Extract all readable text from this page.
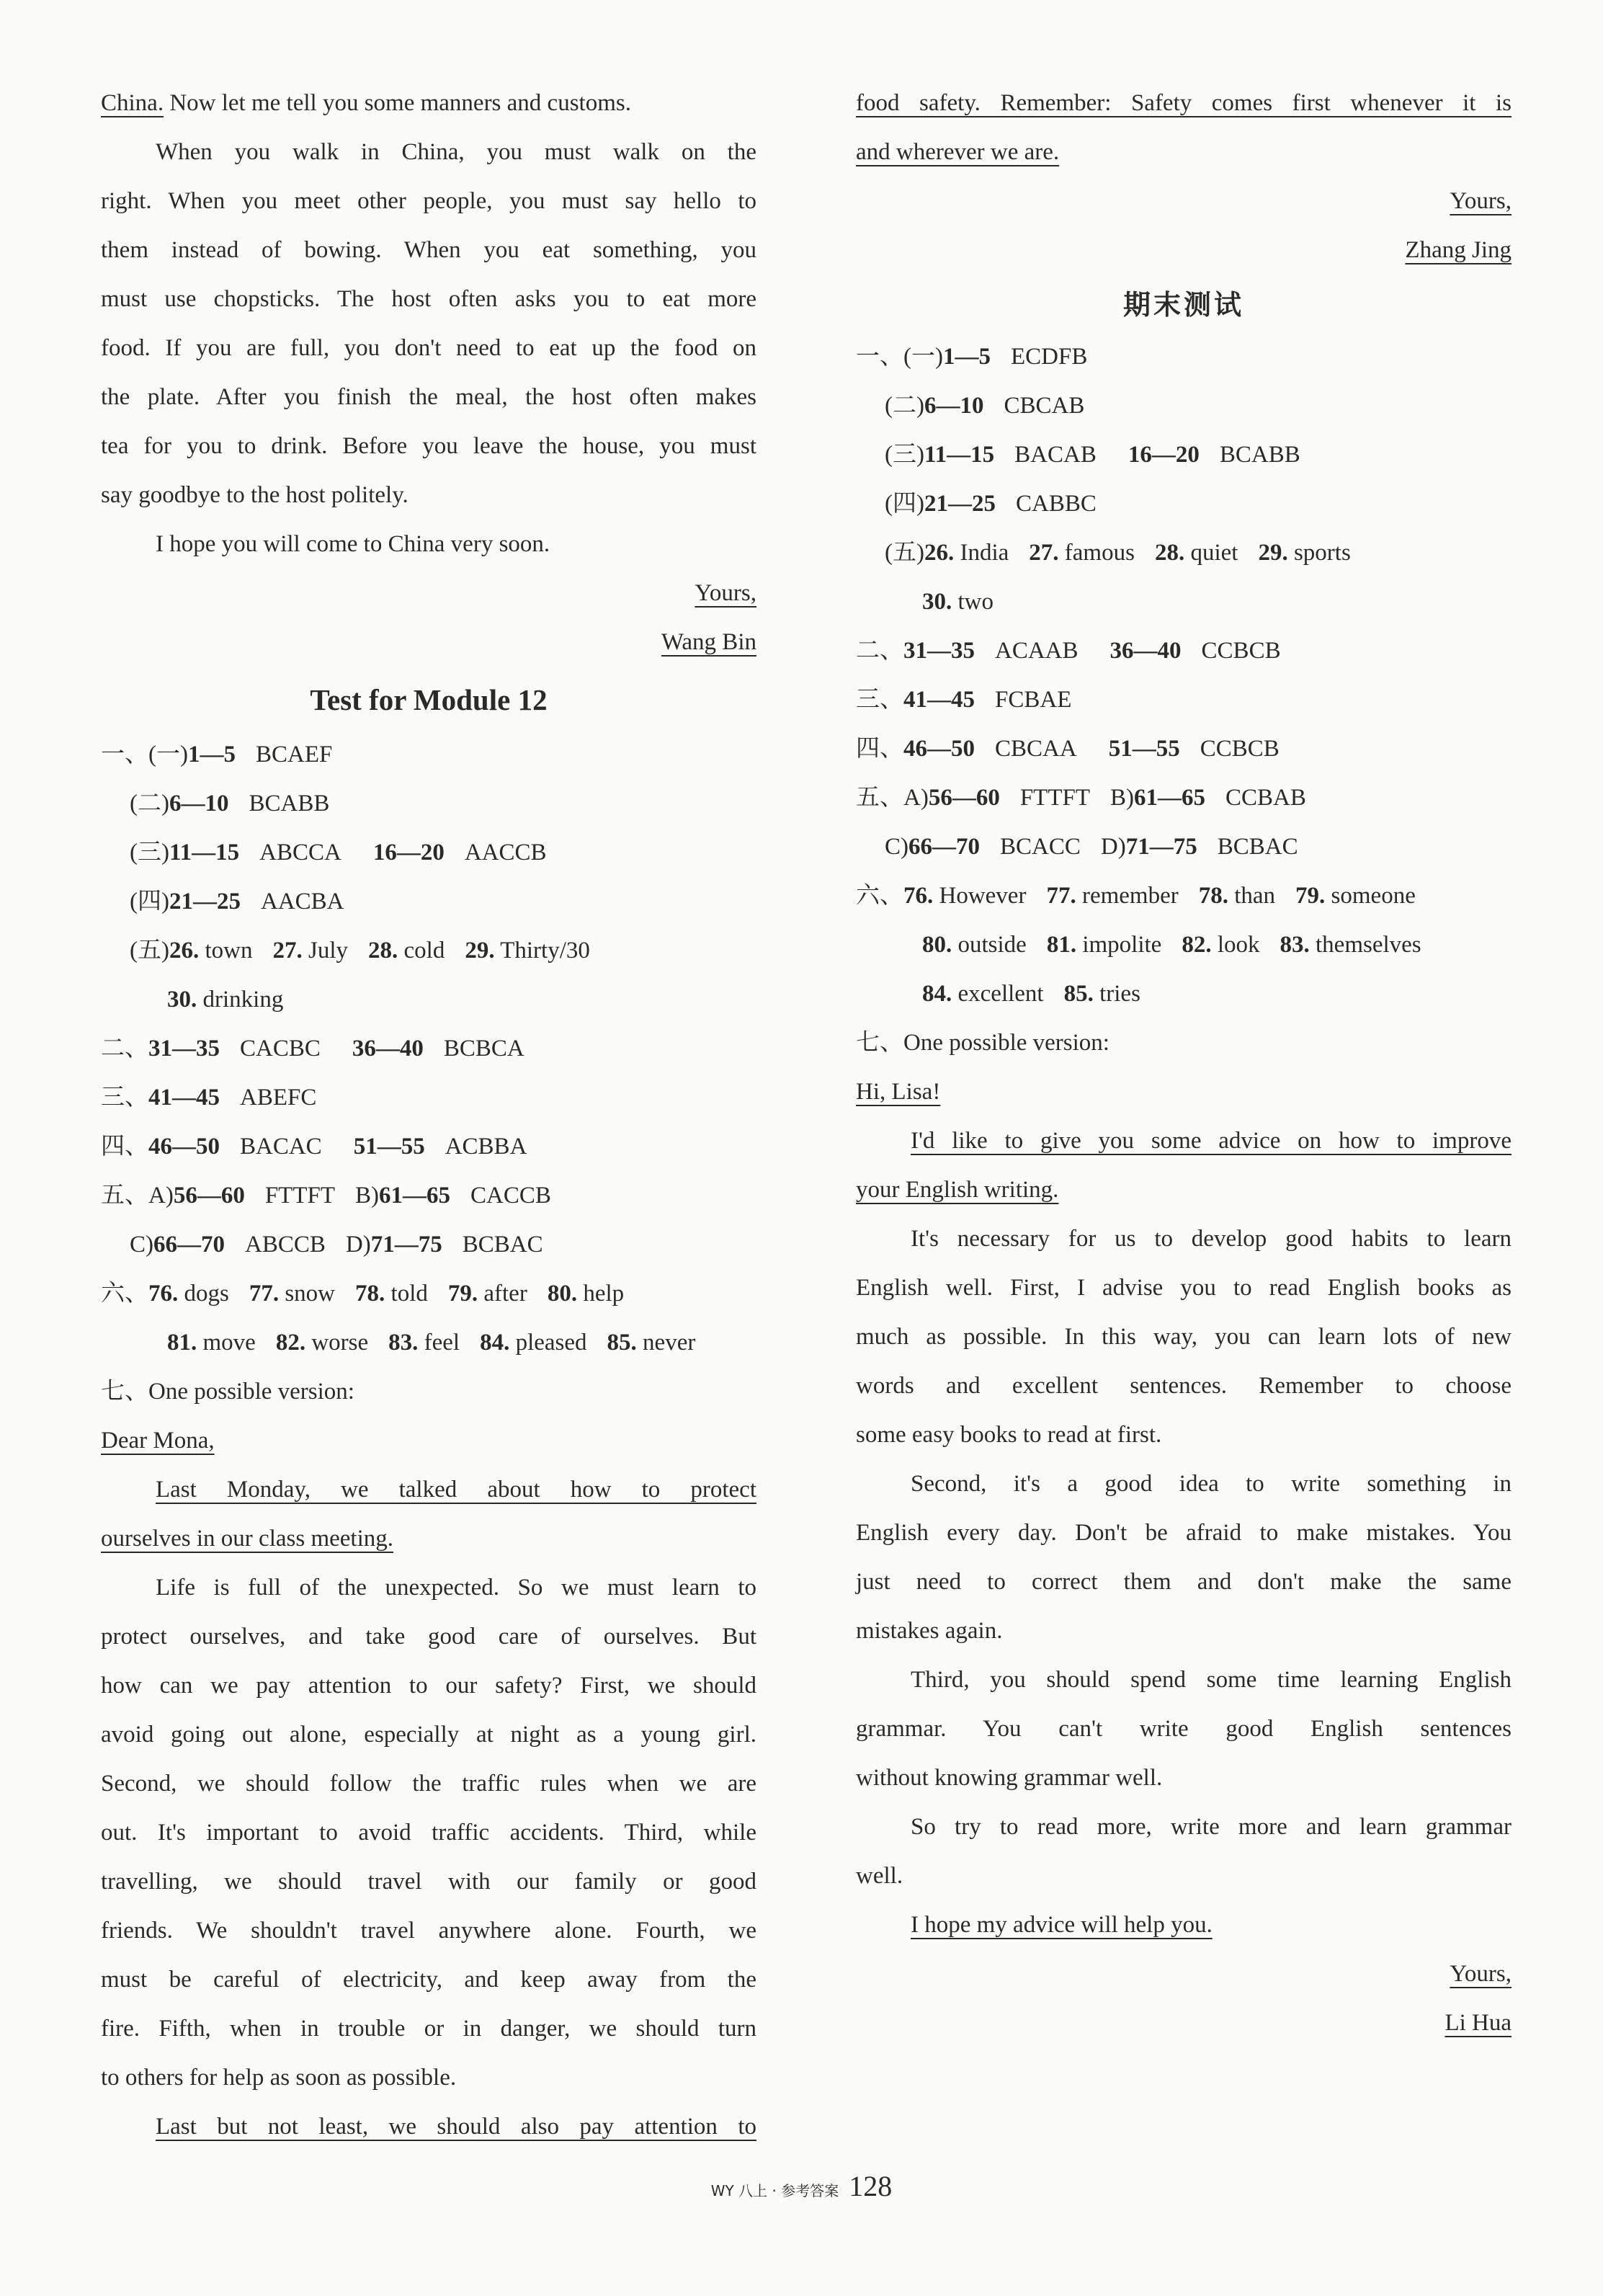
China. Now let me tell you some manners and customs.
When you walk in China, you must walk on the
right. When you meet other people, you must say hello to
them instead of bowing. When you eat something, you
must use chopsticks. The host often asks you to eat more
food. If you are full, you don't need to eat up the food on
the plate. After you finish the meal, the host often makes
tea for you to drink. Before you leave the house, you must
say goodbye to the host politely.
I hope you will come to China very soon.
Yours,
Wang Bin
Test for Module 12
一、(一)1—5 BCAEF
(二)6—10 BCABB
(三)11—15 ABCCA 16—20 AACCB
(四)21—25 AACBA
(五)26. town 27. July 28. cold 29. Thirty/30
30. drinking
二、31—35 CACBC 36—40 BCBCA
三、41—45 ABEFC
四、46—50 BACAC 51—55 ACBBA
五、A)56—60 FTTFT B)61—65 CACCB
C)66—70 ABCCB D)71—75 BCBAC
六、76. dogs 77. snow 78. told 79. after 80. help
81. move 82. worse 83. feel 84. pleased 85. never
七、One possible version:
Dear Mona,
Last Monday, we talked about how to protect
ourselves in our class meeting.
Life is full of the unexpected. So we must learn to
protect ourselves, and take good care of ourselves. But
how can we pay attention to our safety? First, we should
avoid going out alone, especially at night as a young girl.
Second, we should follow the traffic rules when we are
out. It's important to avoid traffic accidents. Third, while
travelling, we should travel with our family or good
friends. We shouldn't travel anywhere alone. Fourth, we
must be careful of electricity, and keep away from the
fire. Fifth, when in trouble or in danger, we should turn
to others for help as soon as possible.
Last but not least, we should also pay attention to
food safety. Remember: Safety comes first whenever it is
and wherever we are.
Yours,
Zhang Jing
期末测试
一、(一)1—5 ECDFB
(二)6—10 CBCAB
(三)11—15 BACAB 16—20 BCABB
(四)21—25 CABBC
(五)26. India 27. famous 28. quiet 29. sports
30. two
二、31—35 ACAAB 36—40 CCBCB
三、41—45 FCBAE
四、46—50 CBCAA 51—55 CCBCB
五、A)56—60 FTTFT B)61—65 CCBAB
C)66—70 BCACC D)71—75 BCBAC
六、76. However 77. remember 78. than 79. someone
80. outside 81. impolite 82. look 83. themselves
84. excellent 85. tries
七、One possible version:
Hi, Lisa!
I'd like to give you some advice on how to improve
your English writing.
It's necessary for us to develop good habits to learn
English well. First, I advise you to read English books as
much as possible. In this way, you can learn lots of new
words and excellent sentences. Remember to choose
some easy books to read at first.
Second, it's a good idea to write something in
English every day. Don't be afraid to make mistakes. You
just need to correct them and don't make the same
mistakes again.
Third, you should spend some time learning English
grammar. You can't write good English sentences
without knowing grammar well.
So try to read more, write more and learn grammar
well.
I hope my advice will help you.
Yours,
Li Hua
WY 八上 · 参考答案 128
